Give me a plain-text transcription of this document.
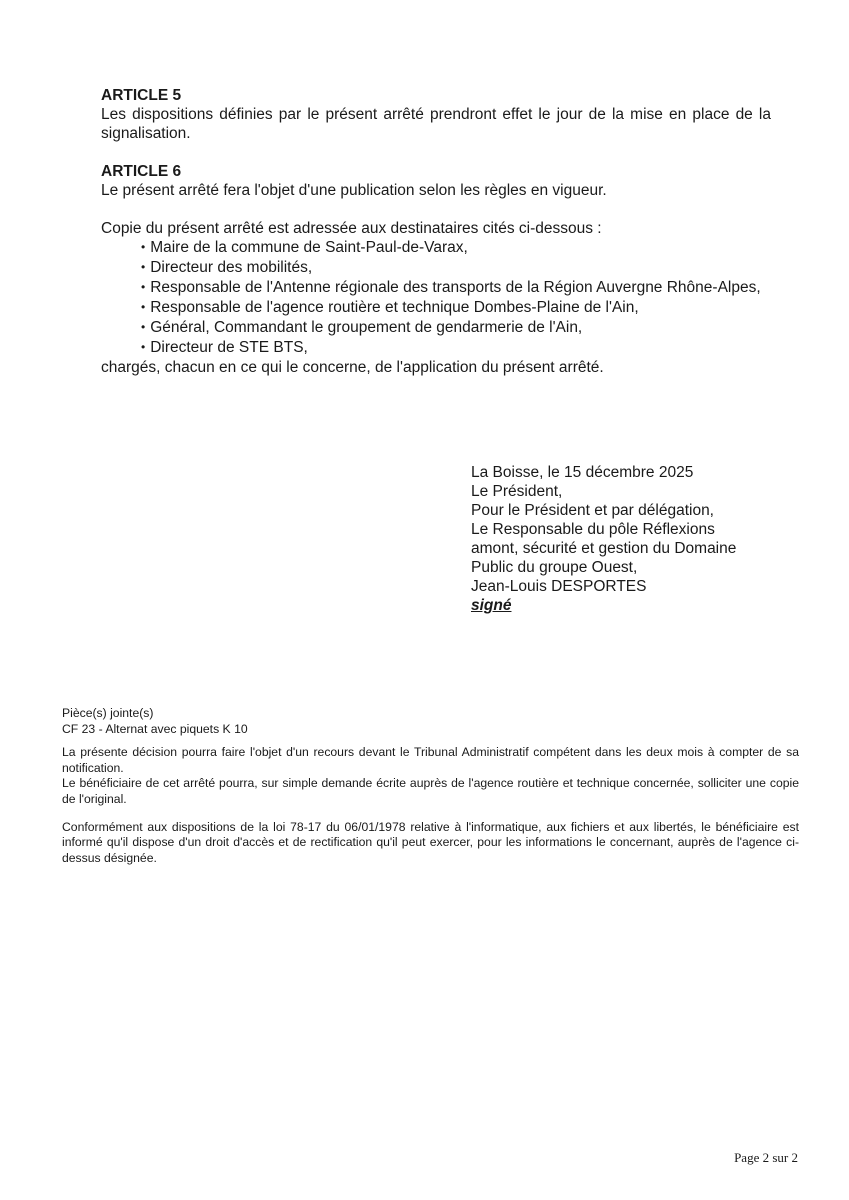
ARTICLE 5

Les dispositions définies par le présent arrêté prendront effet le jour de la mise en place de la signalisation.

ARTICLE 6

Le présent arrêté fera l'objet d'une publication selon les règles en vigueur.

Copie du présent arrêté est adressée aux destinataires cités ci-dessous :

• Maire de la commune de Saint-Paul-de-Varax,
• Directeur des mobilités,
• Responsable de l'Antenne régionale des transports de la Région Auvergne Rhône-Alpes,
• Responsable de l'agence routière et technique Dombes-Plaine de l'Ain,
• Général, Commandant le groupement de gendarmerie de l'Ain,
• Directeur de STE BTS,

chargés, chacun en ce qui le concerne, de l'application du présent arrêté.

La Boisse, le 15 décembre 2025
Le Président,
Pour le Président et par délégation,
Le Responsable du pôle Réflexions
amont, sécurité et gestion du Domaine
Public du groupe Ouest,
Jean-Louis DESPORTES
signé

Pièce(s) jointe(s)

CF 23 - Alternat avec piquets K 10

La présente décision pourra faire l'objet d'un recours devant le Tribunal Administratif compétent dans les deux mois à compter de sa notification.

Le bénéficiaire de cet arrêté pourra, sur simple demande écrite auprès de l'agence routière et technique concernée, solliciter une copie de l'original.

Conformément aux dispositions de la loi 78-17 du 06/01/1978 relative à l'informatique, aux fichiers et aux libertés, le bénéficiaire est informé qu'il dispose d'un droit d'accès et de rectification qu'il peut exercer, pour les informations le concernant, auprès de l'agence ci-dessus désignée.

Page 2 sur 2
